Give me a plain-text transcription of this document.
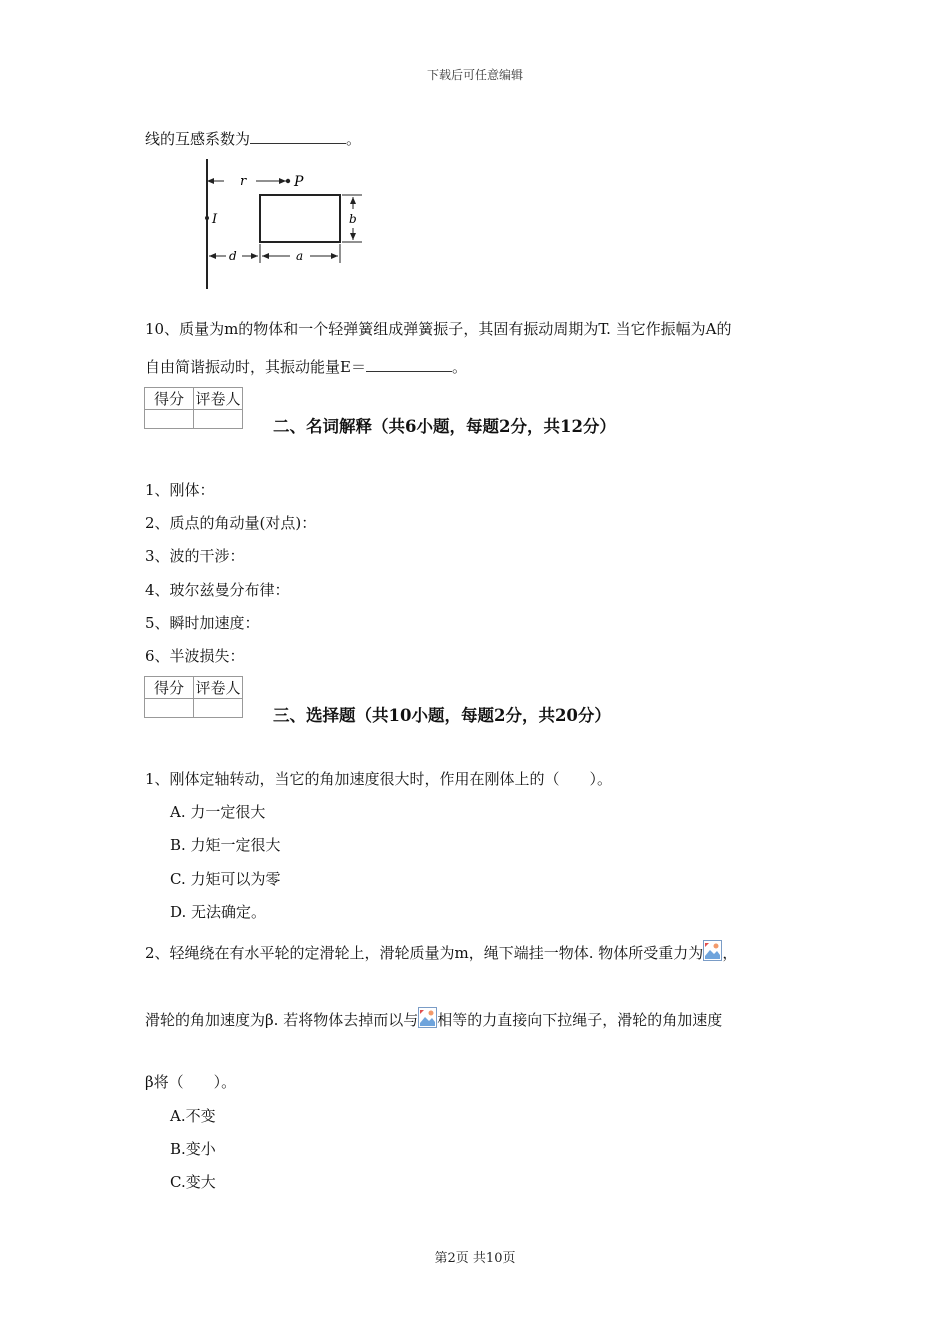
下载后可任意编辑
线的互感系数为	。
r	P
I	b
d	a
10、质量为m的物体和一个轻弹簧组成弹簧振子，其固有振动周期为T. 当它作振幅为A的
自由简谐振动时，其振动能量E＝	。
得分	评卷人

二、名词解释（共6小题，每题2分，共12分）
1、刚体：
2、质点的角动量(对点)：
3、波的干涉：
4、玻尔兹曼分布律：
5、瞬时加速度：
6、半波损失：
得分	评卷人

三、选择题（共10小题，每题2分，共20分）
1、刚体定轴转动，当它的角加速度很大时，作用在刚体上的（　　）。
A. 力一定很大
B. 力矩一定很大
C. 力矩可以为零
D. 无法确定。
2、轻绳绕在有水平轮的定滑轮上，滑轮质量为m，绳下端挂一物体. 物体所受重力为 ，
滑轮的角加速度为β. 若将物体去掉而以与 相等的力直接向下拉绳子，滑轮的角加速度
β将（　　）。
A.不变
B.变小
C.变大
第2页 共10页
